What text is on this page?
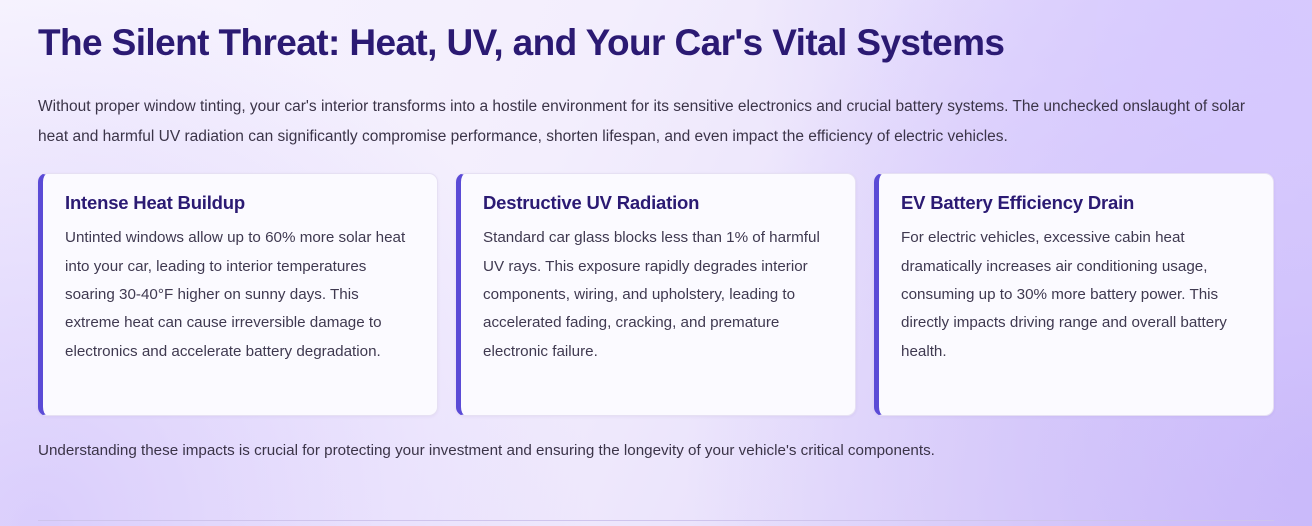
The Silent Threat: Heat, UV, and Your Car's Vital Systems

Without proper window tinting, your car's interior transforms into a hostile environment for its sensitive electronics and crucial battery systems. The unchecked onslaught of solar heat and harmful UV radiation can significantly compromise performance, shorten lifespan, and even impact the efficiency of electric vehicles.

Intense Heat Buildup

Untinted windows allow up to 60% more solar heat into your car, leading to interior temperatures soaring 30-40°F higher on sunny days. This extreme heat can cause irreversible damage to electronics and accelerate battery degradation.

Destructive UV Radiation

Standard car glass blocks less than 1% of harmful UV rays. This exposure rapidly degrades interior components, wiring, and upholstery, leading to accelerated fading, cracking, and premature electronic failure.

EV Battery Efficiency Drain

For electric vehicles, excessive cabin heat dramatically increases air conditioning usage, consuming up to 30% more battery power. This directly impacts driving range and overall battery health.

Understanding these impacts is crucial for protecting your investment and ensuring the longevity of your vehicle's critical components.
